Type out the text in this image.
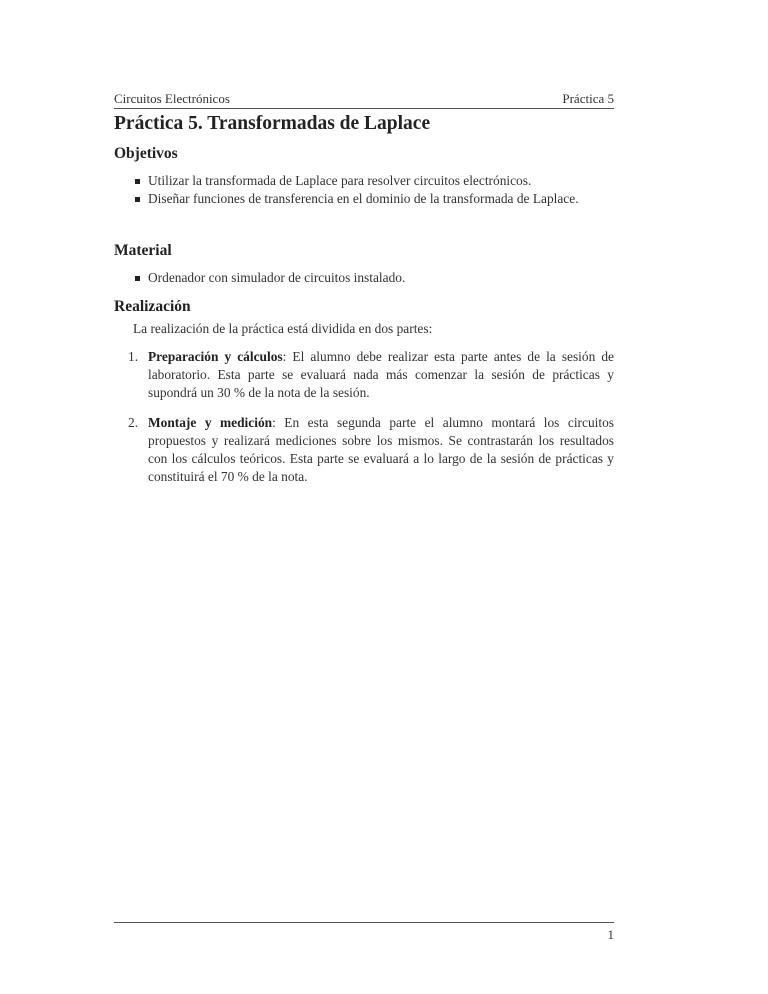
Circuitos Electrónicos	Práctica 5
Práctica 5. Transformadas de Laplace
Objetivos
Utilizar la transformada de Laplace para resolver circuitos electrónicos.
Diseñar funciones de transferencia en el dominio de la transformada de Laplace.
Material
Ordenador con simulador de circuitos instalado.
Realización

La realización de la práctica está dividida en dos partes:

1. Preparación y cálculos: El alumno debe realizar esta parte antes de la sesión de laboratorio. Esta parte se evaluará nada más comenzar la sesión de prácticas y supondrá un 30 % de la nota de la sesión.
2. Montaje y medición: En esta segunda parte el alumno montará los circuitos propuestos y realizará mediciones sobre los mismos. Se contrastarán los resultados con los cálculos teóricos. Esta parte se evaluará a lo largo de la sesión de prácticas y constituirá el 70 % de la nota.
1
